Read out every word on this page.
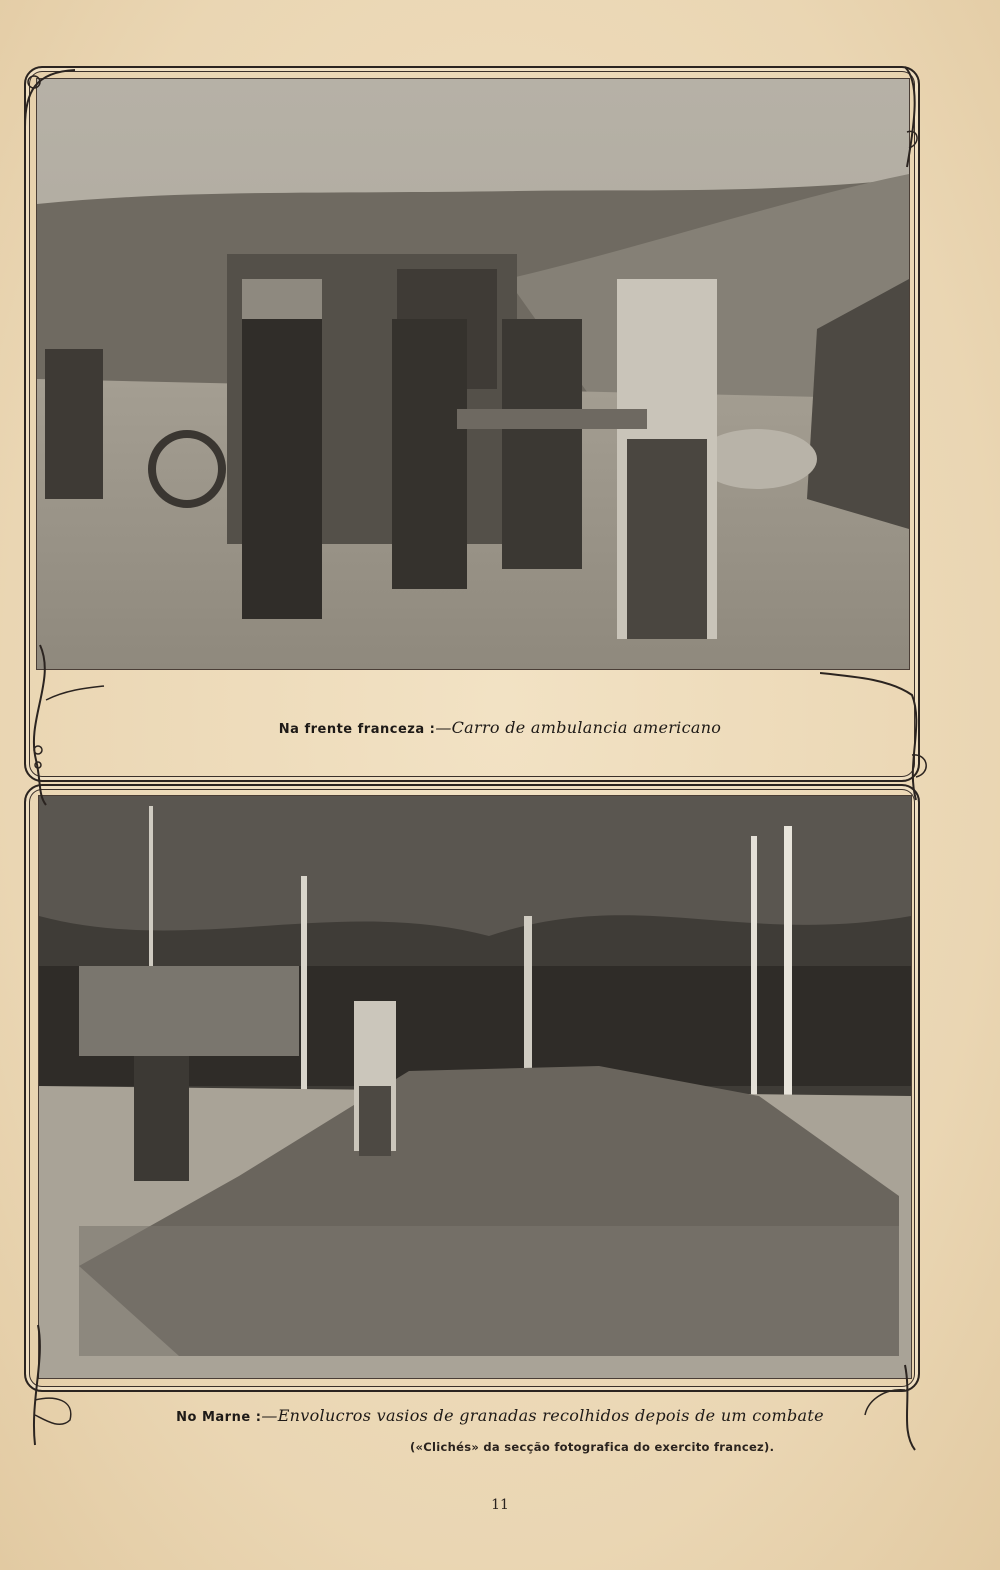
Na frente franceza :—Carro de ambulancia americano
No Marne :—Envolucros vasios de granadas recolhidos depois de um combate
(«Clichés» da secção fotografica do exercito francez).
11
